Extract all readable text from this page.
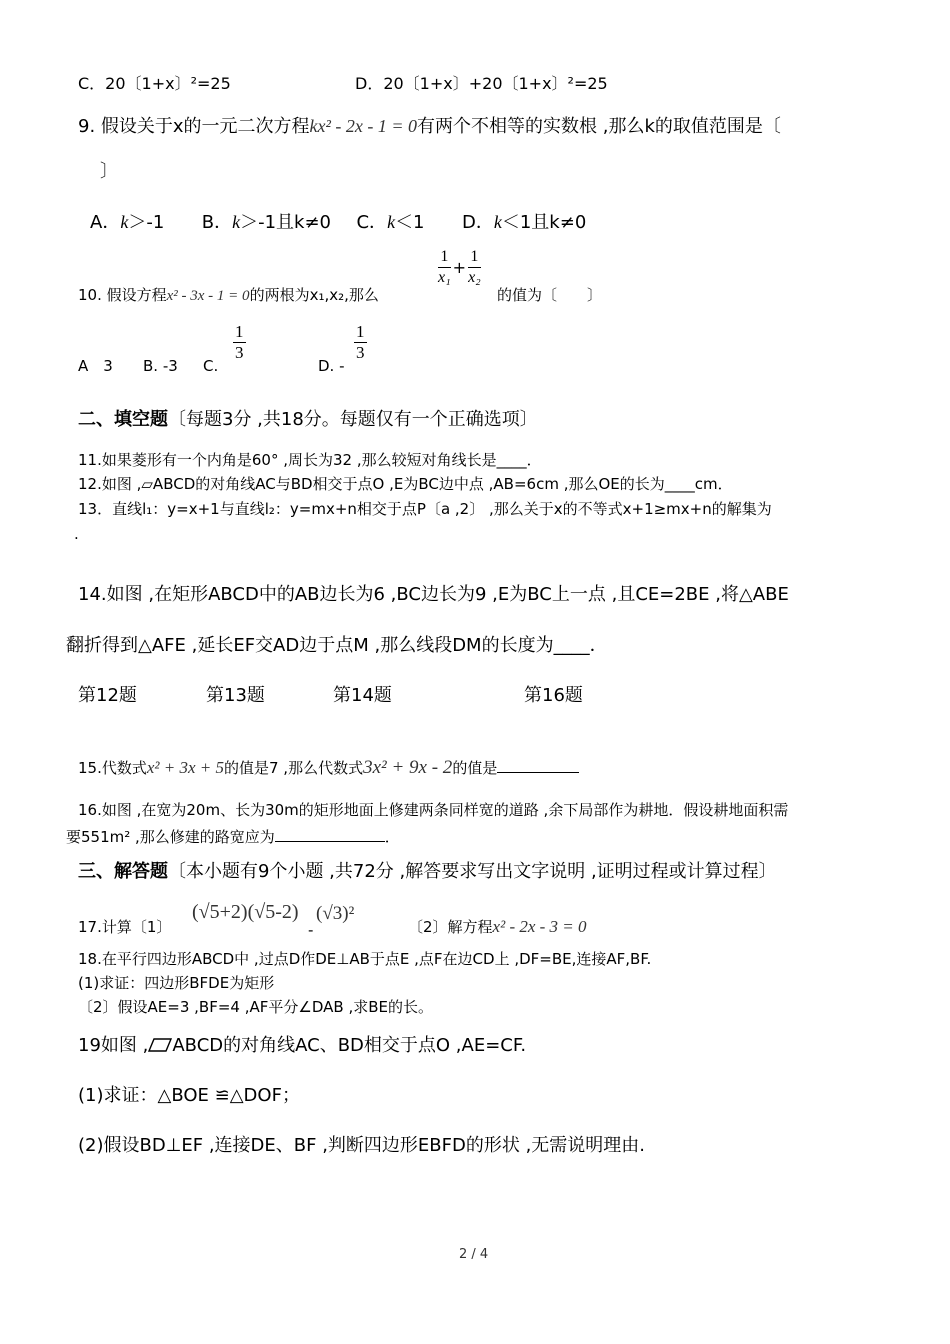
C．20〔1+x〕²=25	D．20〔1+x〕+20〔1+x〕²=25
9. 假设关于x的一元二次方程kx² - 2x - 1 = 0有两个不相等的实数根 ,那么k的取值范围是〔
〕
A．k＞-1 B．k＞-1且k≠0 C．k＜1 D．k＜1且k≠0
10. 假设方程x² - 3x - 1 = 0的两根为x₁,x₂,那么
$\frac{1}{\text{x₁}} + \frac{1}{\text{x₂}}$
的值为〔　　〕
A　3 B. -3 C.
$\frac{1}{3}$
D. -
$\frac{1}{3}$
二、填空题〔每题3分 ,共18分。每题仅有一个正确选项〕
11.如果菱形有一个内角是60° ,周长为32 ,那么较短对角线长是____．
12.如图 ,▱ABCD的对角线AC与BD相交于点O ,E为BC边中点 ,AB=6cm ,那么OE的长为____cm．
13．直线l₁：y=x+1与直线l₂：y=mx+n相交于点P〔a ,2〕 ,那么关于x的不等式x+1≥mx+n的解集为
.
14.如图 ,在矩形ABCD中的AB边长为6 ,BC边长为9 ,E为BC上一点 ,且CE=2BE ,将△ABE
翻折得到△AFE ,延长EF交AD边于点M ,那么线段DM的长度为____．
第12题	第13题	第14题	第16题
15.代数式x² + 3x + 5的值是7 ,那么代数式3x² + 9x - 2的值是
16.如图 ,在宽为20m、长为30m的矩形地面上修建两条同样宽的道路 ,余下局部作为耕地．假设耕地面积需
要551m² ,那么修建的路宽应为	．
三、解答题〔本小题有9个小题 ,共72分 ,解答要求写出文字说明 ,证明过程或计算过程〕
17.计算〔1〕
(√5+2)(√5-2)
-
(√3)²
〔2〕解方程x² - 2x - 3 = 0
18.在平行四边形ABCD中 ,过点D作DE⊥AB于点E ,点F在边CD上 ,DF=BE,连接AF,BF.
(1)求证：四边形BFDE为矩形
〔2〕假设AE=3 ,BF=4 ,AF平分∠DAB ,求BE的长。
19如图 , ABCD的对角线AC、BD相交于点O ,AE=CF.
(1)求证：△BOE ≌△DOF；
(2)假设BD⊥EF ,连接DE、BF ,判断四边形EBFD的形状 ,无需说明理由.
2 / 4
